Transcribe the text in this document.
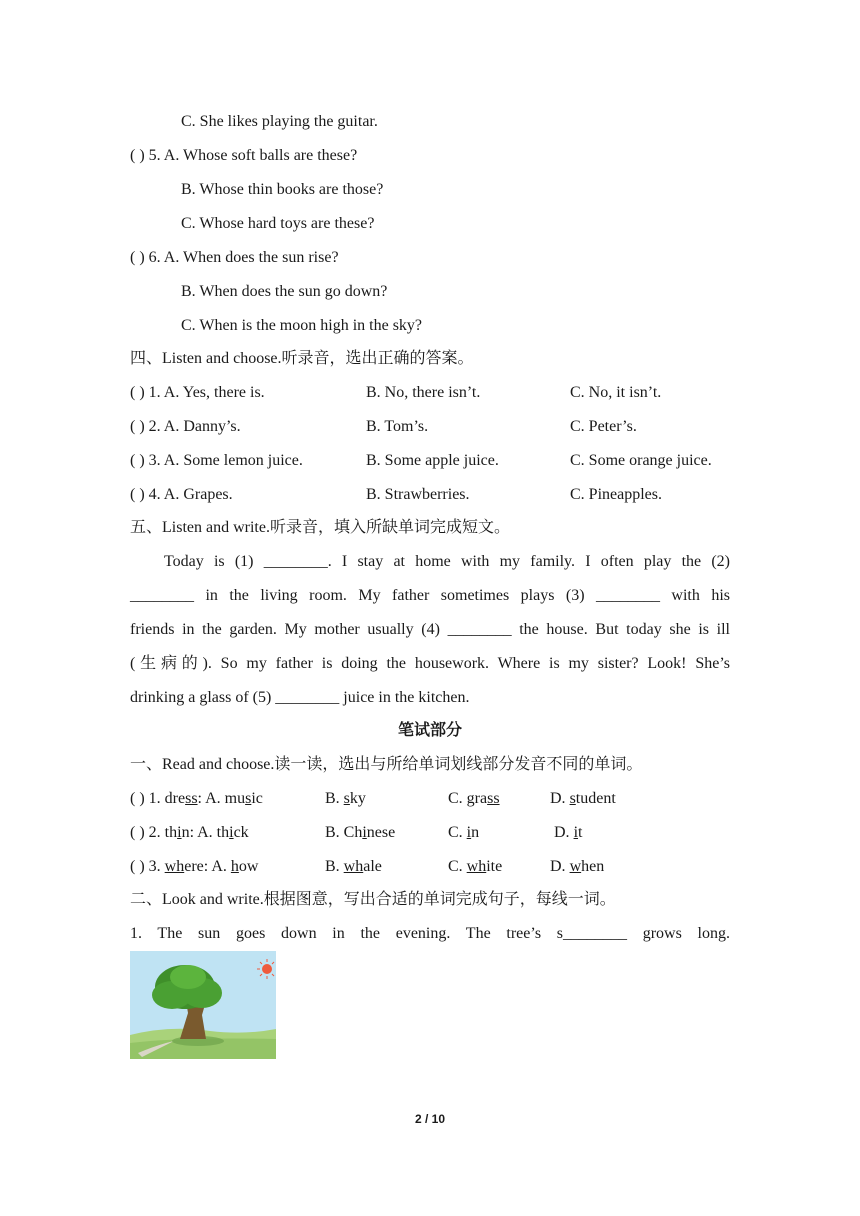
C. She likes playing the guitar.
( ) 5. A. Whose soft balls are these?
B. Whose thin books are those?
C. Whose hard toys are these?
( ) 6. A. When does the sun rise?
B. When does the sun go down?
C. When is the moon high in the sky?
四、Listen and choose.听录音，选出正确的答案。
( ) 1. A. Yes, there is.	B. No, there isn’t.	C. No, it isn’t.
( ) 2. A. Danny’s.	B. Tom’s.	C. Peter’s.
( ) 3. A. Some lemon juice.	B. Some apple juice.	C. Some orange juice.
( ) 4. A. Grapes.	B. Strawberries.	C. Pineapples.
五、Listen and write.听录音，填入所缺单词完成短文。
Today is (1) ________. I stay at home with my family. I often play the (2)
________ in the living room. My father sometimes plays (3) ________ with his
friends in the garden. My mother usually (4) ________ the house. But today she is ill
(生病的). So my father is doing the housework. Where is my sister? Look! She’s
drinking a glass of (5) ________ juice in the kitchen.
笔试部分
一、Read and choose.读一读，选出与所给单词划线部分发音不同的单词。
( ) 1. dress: A. music	B. sky	C. grass	D. student
( ) 2. thin: A. thick	B. Chinese	C. in	D. it
( ) 3. where: A. how	B. whale	C. white	D. when
二、Look and write.根据图意，写出合适的单词完成句子，每线一词。
1. The sun goes down in the evening. The tree’s s________ grows long.
2 / 10
